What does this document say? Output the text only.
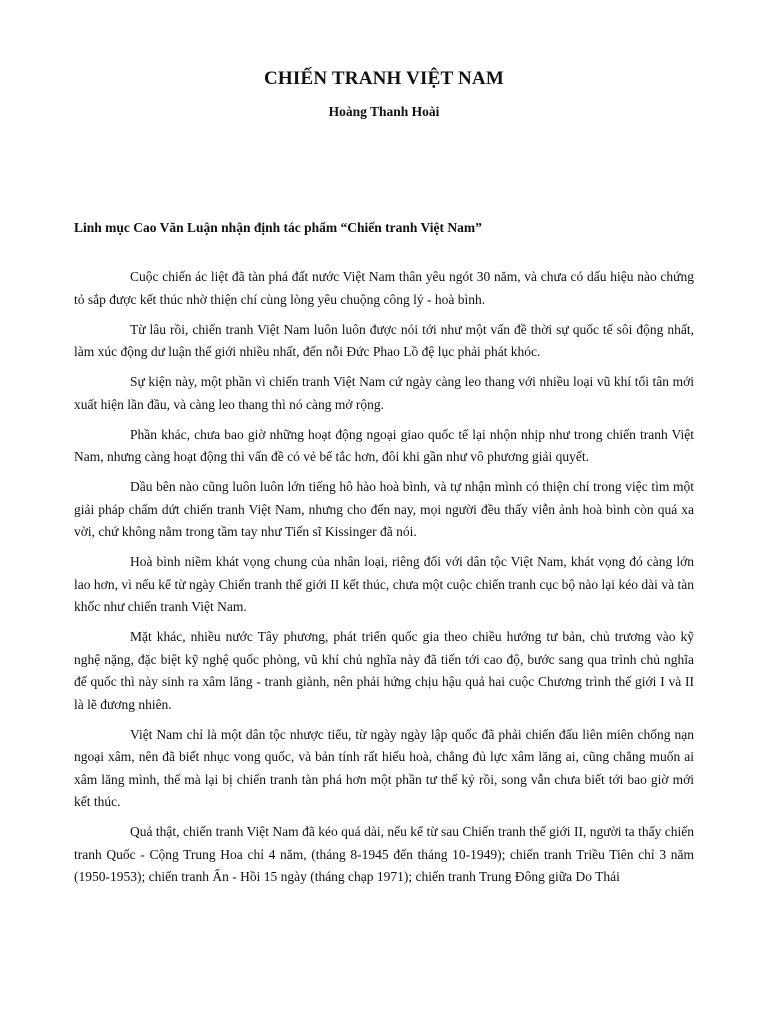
CHIẾN TRANH VIỆT NAM

Hoàng Thanh Hoài

Linh mục Cao Văn Luận nhận định tác phẩm “Chiến tranh Việt Nam”

Cuộc chiến ác liệt đã tàn phá đất nước Việt Nam thân yêu ngót 30 năm, và chưa có dấu hiệu nào chứng tỏ sắp được kết thúc nhờ thiện chí cùng lòng yêu chuộng công lý - hoà bình.

Từ lâu rồi, chiến tranh Việt Nam luôn luôn được nói tới như một vấn đề thời sự quốc tế sôi động nhất, làm xúc động dư luận thế giới nhiều nhất, đến nỗi Đức Phao Lồ đệ lục phải phát khóc.

Sự kiện này, một phần vì chiến tranh Việt Nam cứ ngày càng leo thang với nhiều loại vũ khí tối tân mới xuất hiện lần đầu, và càng leo thang thì nó càng mở rộng.

Phần khác, chưa bao giờ những hoạt động ngoại giao quốc tế lại nhộn nhịp như trong chiến tranh Việt Nam, nhưng càng hoạt động thì vấn đề có vẻ bế tắc hơn, đôi khi gần như vô phương giải quyết.

Dầu bên nào cũng luôn luôn lớn tiếng hô hào hoà bình, và tự nhận mình có thiện chí trong việc tìm một giải pháp chấm dứt chiến tranh Việt Nam, nhưng cho đến nay, mọi người đều thấy viễn ảnh hoà bình còn quá xa vời, chứ không nằm trong tầm tay như Tiến sĩ Kissinger đã nói.

Hoà bình niềm khát vọng chung của nhân loại, riêng đối với dân tộc Việt Nam, khát vọng đó càng lớn lao hơn, vì nếu kể từ ngày Chiến tranh thế giới II kết thúc, chưa một cuộc chiến tranh cục bộ nào lại kéo dài và tàn khốc như chiến tranh Việt Nam.

Mặt khác, nhiều nước Tây phương, phát triển quốc gia theo chiều hướng tư bản, chủ trương vào kỹ nghệ nặng, đặc biệt kỹ nghệ quốc phòng, vũ khí chủ nghĩa này đã tiến tới cao độ, bước sang qua trình chủ nghĩa đế quốc thì này sinh ra xâm lăng - tranh giành, nên phải hứng chịu hậu quả hai cuộc Chương trình thế giới I và II là lẽ đương nhiên.

Việt Nam chỉ là một dân tộc nhược tiểu, từ ngày ngày lập quốc đã phải chiến đấu liên miên chống nạn ngoại xâm, nên đã biết nhục vong quốc, và bản tính rất hiếu hoà, chẳng đủ lực xâm lăng ai, cũng chẳng muốn ai xâm lăng mình, thế mà lại bị chiến tranh tàn phá hơn một phần tư thế kỷ rồi, song vẫn chưa biết tới bao giờ mới kết thúc.

Quả thật, chiến tranh Việt Nam đã kéo quá dài, nếu kể từ sau Chiến tranh thế giới II, người ta thấy chiến tranh Quốc - Cộng Trung Hoa chỉ 4 năm, (tháng 8-1945 đến tháng 10-1949); chiến tranh Triều Tiên chỉ 3 năm (1950-1953); chiến tranh Ấn - Hồi 15 ngày (tháng chạp 1971); chiến tranh Trung Đông giữa Do Thái
